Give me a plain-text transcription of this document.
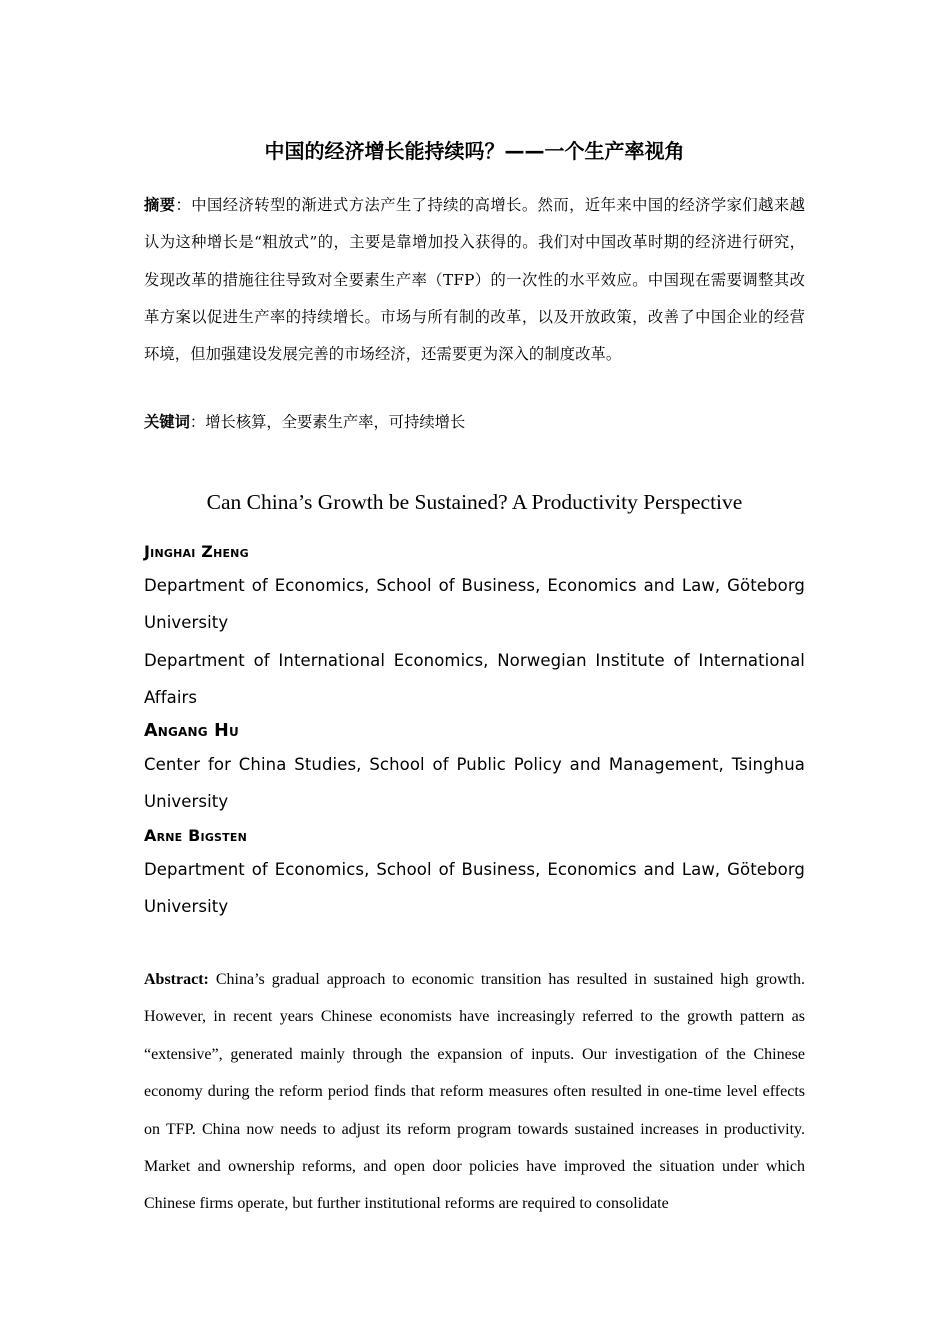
中国的经济增长能持续吗？——一个生产率视角
摘要：中国经济转型的渐进式方法产生了持续的高增长。然而，近年来中国的经济学家们越来越认为这种增长是“粗放式”的，主要是靠增加投入获得的。我们对中国改革时期的经济进行研究，发现改革的措施往往导致对全要素生产率（TFP）的一次性的水平效应。中国现在需要调整其改革方案以促进生产率的持续增长。市场与所有制的改革，以及开放政策，改善了中国企业的经营环境，但加强建设发展完善的市场经济，还需要更为深入的制度改革。
关键词：增长核算，全要素生产率，可持续增长
Can China’s Growth be Sustained? A Productivity Perspective

Jinghai Zheng

Department of Economics, School of Business, Economics and Law, Göteborg University

Department of International Economics, Norwegian Institute of International Affairs

Angang Hu

Center for China Studies, School of Public Policy and Management, Tsinghua University

Arne Bigsten

Department of Economics, School of Business, Economics and Law, Göteborg University

Abstract: China’s gradual approach to economic transition has resulted in sustained high growth. However, in recent years Chinese economists have increasingly referred to the growth pattern as “extensive”, generated mainly through the expansion of inputs. Our investigation of the Chinese economy during the reform period finds that reform measures often resulted in one-time level effects on TFP. China now needs to adjust its reform program towards sustained increases in productivity. Market and ownership reforms, and open door policies have improved the situation under which Chinese firms operate, but further institutional reforms are required to consolidate
